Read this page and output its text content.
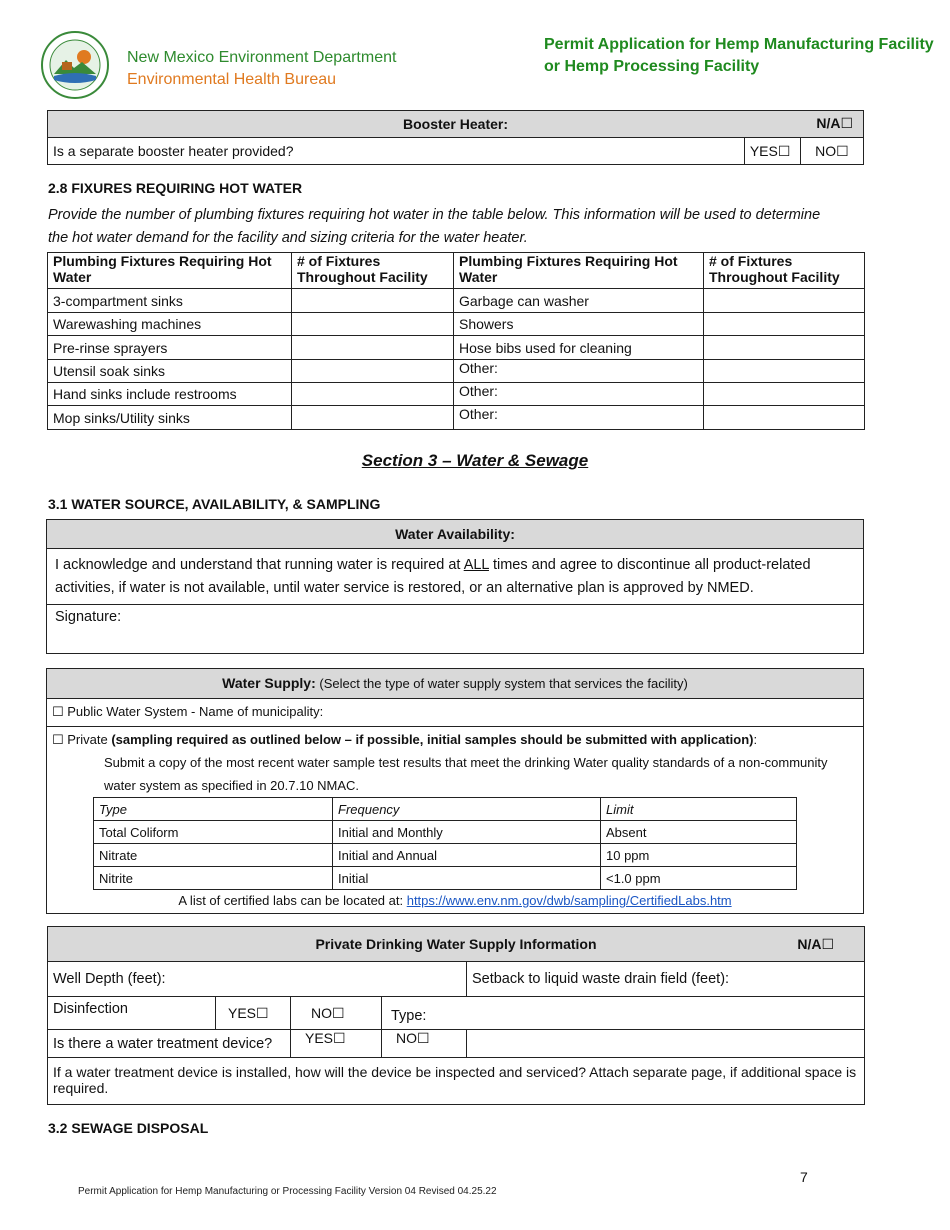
New Mexico Environment Department
Environmental Health Bureau
Permit Application for Hemp Manufacturing Facility or Hemp Processing Facility
Booster Heater:	N/A☐

Is a separate booster heater provided?	YES☐	NO☐
2.8 FIXURES REQUIRING HOT WATER
Provide the number of plumbing fixtures requiring hot water in the table below. This information will be used to determine the hot water demand for the facility and sizing criteria for the water heater.
Plumbing Fixtures Requiring Hot Water	# of Fixtures Throughout Facility	Plumbing Fixtures Requiring Hot Water	# of Fixtures Throughout Facility
3-compartment sinks		Garbage can washer	
Warewashing machines		Showers	
Pre-rinse sprayers		Hose bibs used for cleaning	
Utensil soak sinks		Other:	
Hand sinks include restrooms		Other:	
Mop sinks/Utility sinks		Other:	
Section 3 – Water & Sewage
3.1 WATER SOURCE, AVAILABILITY, & SAMPLING
Water Availability:
I acknowledge and understand that running water is required at ALL times and agree to discontinue all product-related activities, if water is not available, until water service is restored, or an alternative plan is approved by NMED.
Signature:
Water Supply: (Select the type of water supply system that services the facility)
☐ Public Water System - Name of municipality:
☐ Private (sampling required as outlined below – if possible, initial samples should be submitted with application):
Submit a copy of the most recent water sample test results that meet the drinking Water quality standards of a non-community water system as specified in 20.7.10 NMAC.
Type	Frequency	Limit
Total Coliform	Initial and Monthly	Absent
Nitrate	Initial and Annual	10 ppm
Nitrite	Initial	<1.0 ppm
A list of certified labs can be located at: https://www.env.nm.gov/dwb/sampling/CertifiedLabs.htm
Private Drinking Water Supply Information N/A☐				

Well Depth (feet):				Setback to liquid waste drain field (feet):
Disinfection	YES☐	NO☐	Type:	
Is there a water treatment device?		YES☐	NO☐	
If a water treatment device is installed, how will the device be inspected and serviced? Attach separate page, if additional space is required.				
3.2 SEWAGE DISPOSAL
7
Permit Application for Hemp Manufacturing or Processing Facility Version 04 Revised 04.25.22
